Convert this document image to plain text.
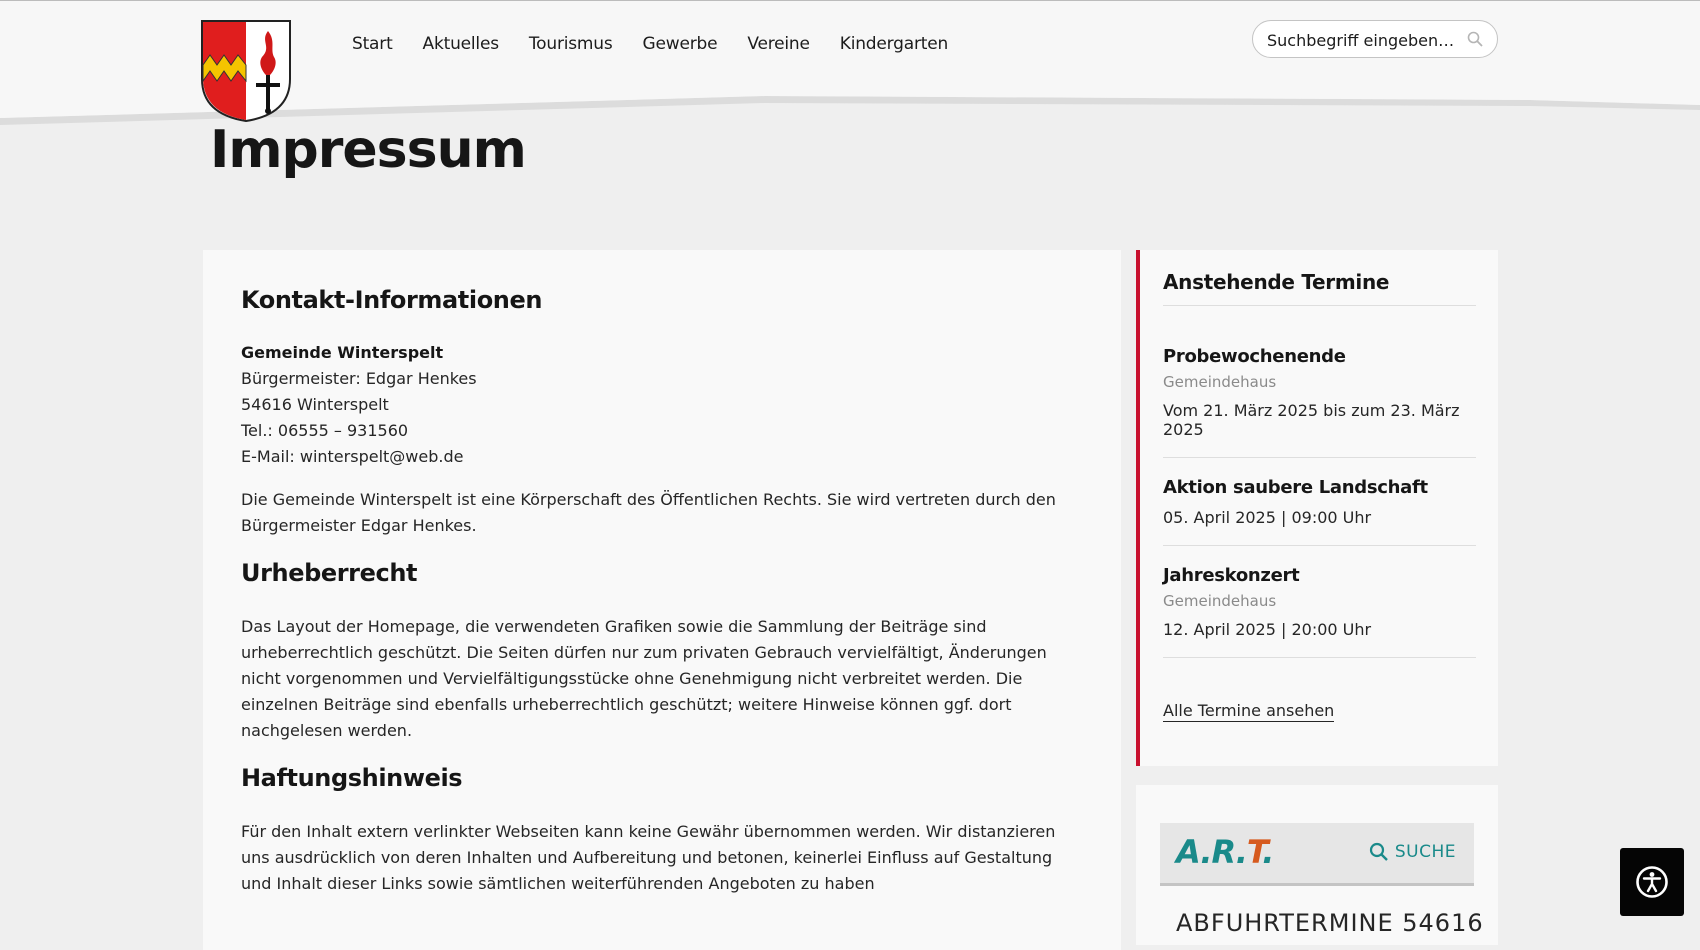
Start Aktuelles Tourismus Gewerbe Vereine Kindergarten
Suchbegriff eingeben…
Impressum
Kontakt-Informationen
Gemeinde Winterspelt
Bürgermeister: Edgar Henkes
54616 Winterspelt
Tel.: 06555 – 931560
E-Mail: winterspelt@web.de

Die Gemeinde Winterspelt ist eine Körperschaft des Öffentlichen Rechts. Sie wird vertreten durch den Bürgermeister Edgar Henkes.

Urheberrecht

Das Layout der Homepage, die verwendeten Grafiken sowie die Sammlung der Beiträge sind urheberrechtlich geschützt. Die Seiten dürfen nur zum privaten Gebrauch vervielfältigt, Änderungen nicht vorgenommen und Vervielfältigungsstücke ohne Genehmigung nicht verbreitet werden. Die einzelnen Beiträge sind ebenfalls urheberrechtlich geschützt; weitere Hinweise können ggf. dort nachgelesen werden.

Haftungshinweis

Für den Inhalt extern verlinkter Webseiten kann keine Gewähr übernommen werden. Wir distanzieren uns ausdrücklich von deren Inhalten und Aufbereitung und betonen, keinerlei Einfluss auf Gestaltung und Inhalt dieser Links sowie sämtlichen weiterführenden Angeboten zu haben

Anstehende Termine
Probewochenende
Gemeindehaus
Vom 21. März 2025 bis zum 23. März 2025
Aktion saubere Landschaft
05. April 2025 | 09:00 Uhr
Jahreskonzert
Gemeindehaus
12. April 2025 | 20:00 Uhr
Alle Termine ansehen
A.R.T.	SUCHE
ABFUHRTERMINE 54616
